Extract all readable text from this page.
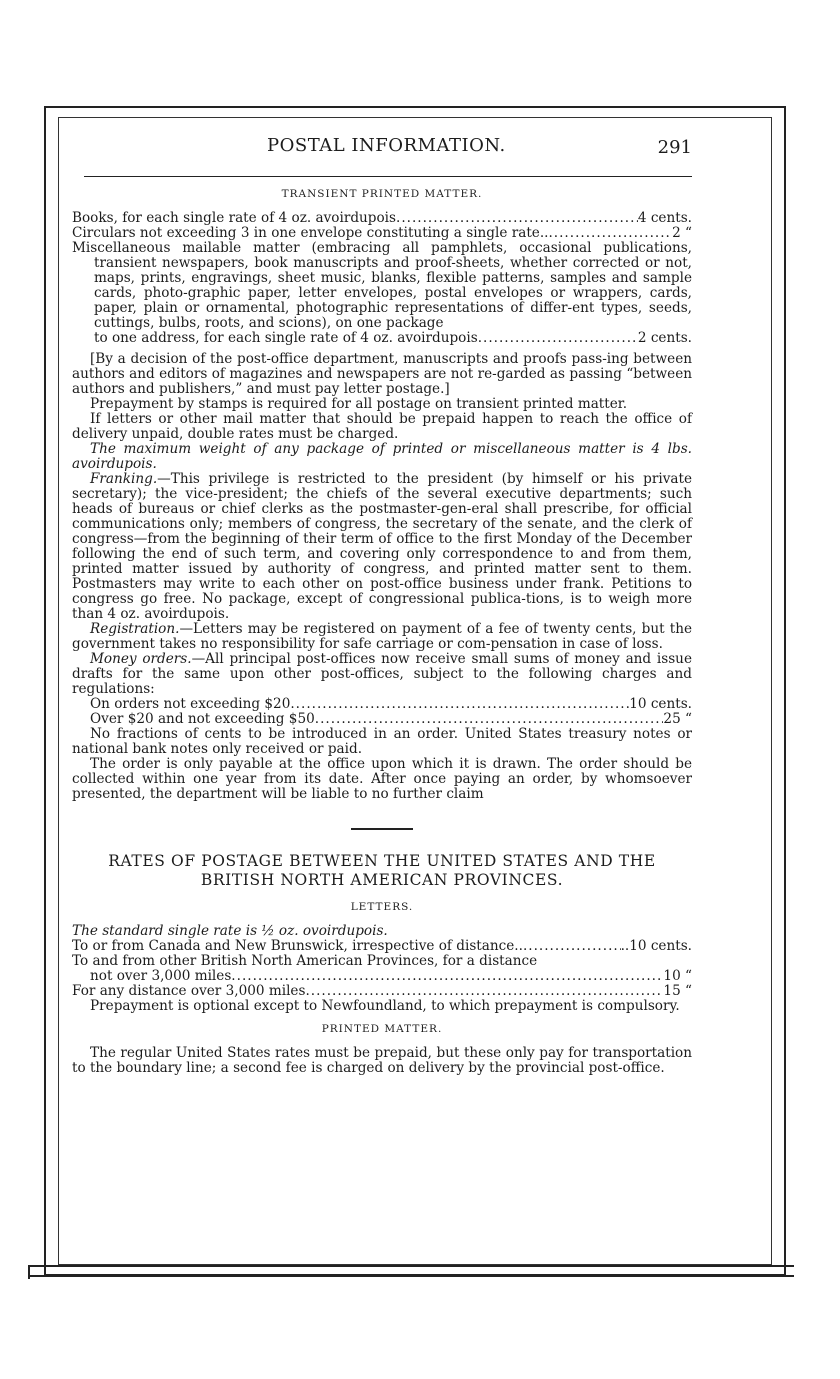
POSTAL INFORMATION.	291
TRANSIENT PRINTED MATTER.
Books, for each single rate of 4 oz. avoirdupois .....	4 cents.
Circulars not exceeding 3 in one envelope constituting a single rate.. .....	2 “

Miscellaneous mailable matter (embracing all pamphlets, occasional publications, transient newspapers, book manuscripts and proof-sheets, whether corrected or not, maps, prints, engravings, sheet music, blanks, flexible patterns, samples and sample cards, photo-graphic paper, letter envelopes, postal envelopes or wrappers, cards, paper, plain or ornamental, photographic representations of differ-ent types, seeds, cuttings, bulbs, roots, and scions), on one package

to one address, for each single rate of 4 oz. avoirdupois .....	2 cents.

[By a decision of the post-office department, manuscripts and proofs pass-ing between authors and editors of magazines and newspapers are not re-garded as passing “between authors and publishers,” and must pay letter postage.]

Prepayment by stamps is required for all postage on transient printed matter.

If letters or other mail matter that should be prepaid happen to reach the office of delivery unpaid, double rates must be charged.

The maximum weight of any package of printed or miscellaneous matter is 4 lbs. avoirdupois.

Franking.—This privilege is restricted to the president (by himself or his private secretary); the vice-president; the chiefs of the several executive departments; such heads of bureaus or chief clerks as the postmaster-gen-eral shall prescribe, for official communications only; members of congress, the secretary of the senate, and the clerk of congress—from the beginning of their term of office to the first Monday of the December following the end of such term, and covering only correspondence to and from them, printed matter issued by authority of congress, and printed matter sent to them. Postmasters may write to each other on post-office business under frank. Petitions to congress go free. No package, except of congressional publica-tions, is to weigh more than 4 oz. avoirdupois.

Registration.—Letters may be registered on payment of a fee of twenty cents, but the government takes no responsibility for safe carriage or com-pensation in case of loss.

Money orders.—All principal post-offices now receive small sums of money and issue drafts for the same upon other post-offices, subject to the following charges and regulations:

On orders not exceeding $20 .....	10 cents.
Over $20 and not exceeding $50 .....	25 “

No fractions of cents to be introduced in an order. United States treasury notes or national bank notes only received or paid.

The order is only payable at the office upon which it is drawn. The order should be collected within one year from its date. After once paying an order, by whomsoever presented, the department will be liable to no further claim

RATES OF POSTAGE BETWEEN THE UNITED STATES AND THE
BRITISH NORTH AMERICAN PROVINCES.
LETTERS.

The standard single rate is ½ oz. ovoirdupois.

To or from Canada and New Brunswick, irrespective of distance.. .....	..10 cents.

To and from other British North American Provinces, for a distance

not over 3,000 miles .....	10 “
For any distance over 3,000 miles .....	15 “

Prepayment is optional except to Newfoundland, to which prepayment is compulsory.

PRINTED MATTER.

The regular United States rates must be prepaid, but these only pay for transportation to the boundary line; a second fee is charged on delivery by the provincial post-office.
